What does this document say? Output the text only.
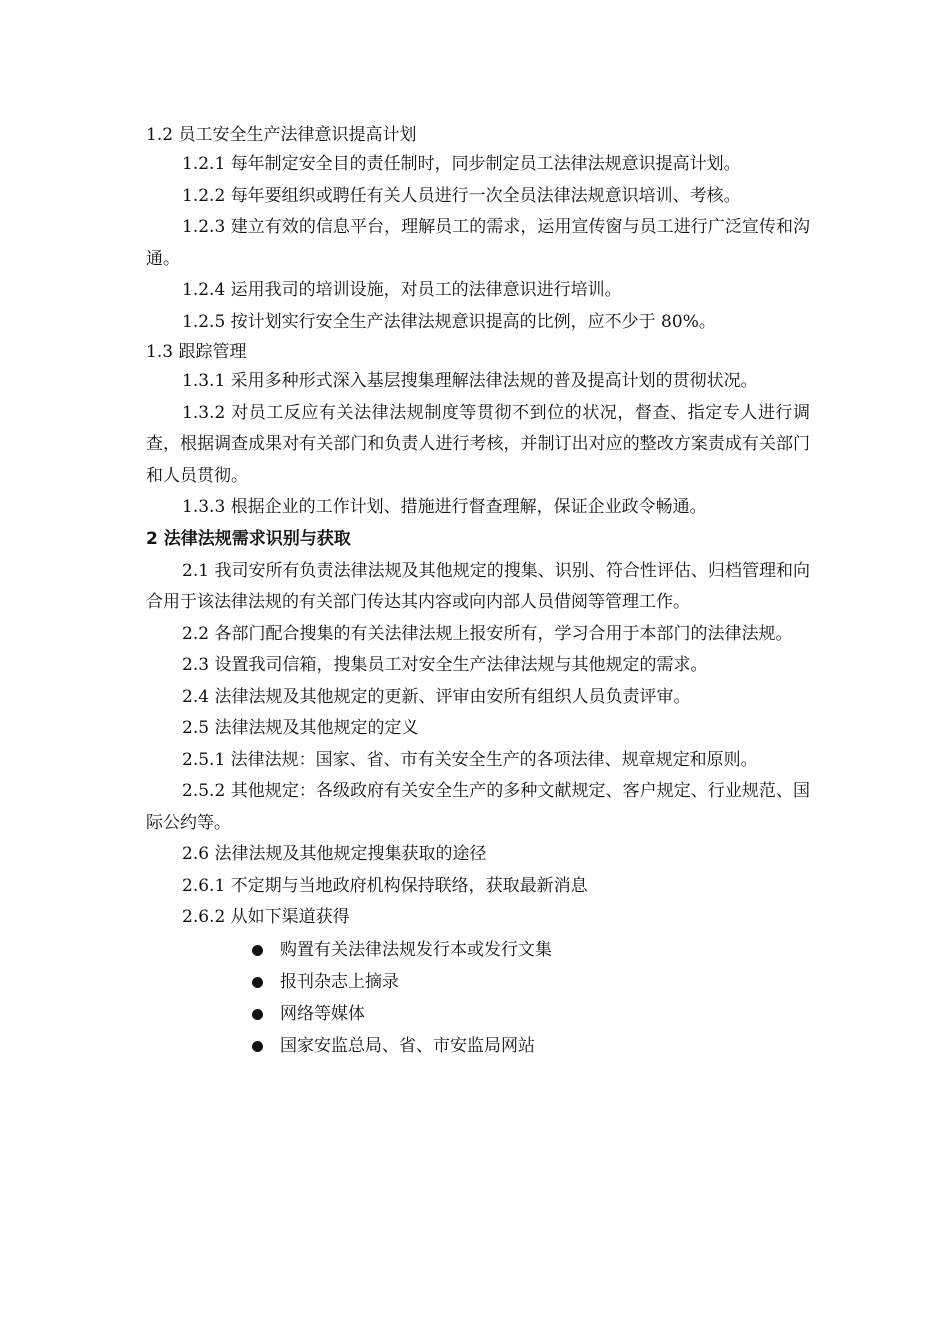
1.2 员工安全生产法律意识提高计划
1.2.1 每年制定安全目的责任制时，同步制定员工法律法规意识提高计划。
1.2.2 每年要组织或聘任有关人员进行一次全员法律法规意识培训、考核。
1.2.3 建立有效的信息平台，理解员工的需求，运用宣传窗与员工进行广泛宣传和沟通。
1.2.4 运用我司的培训设施，对员工的法律意识进行培训。
1.2.5 按计划实行安全生产法律法规意识提高的比例，应不少于 80%。
1.3 跟踪管理
1.3.1 采用多种形式深入基层搜集理解法律法规的普及提高计划的贯彻状况。
1.3.2 对员工反应有关法律法规制度等贯彻不到位的状况，督查、指定专人进行调查，根据调查成果对有关部门和负责人进行考核，并制订出对应的整改方案责成有关部门和人员贯彻。
1.3.3 根据企业的工作计划、措施进行督查理解，保证企业政令畅通。
2 法律法规需求识别与获取
2.1 我司安所有负责法律法规及其他规定的搜集、识别、符合性评估、归档管理和向合用于该法律法规的有关部门传达其内容或向内部人员借阅等管理工作。
2.2 各部门配合搜集的有关法律法规上报安所有，学习合用于本部门的法律法规。
2.3 设置我司信箱，搜集员工对安全生产法律法规与其他规定的需求。
2.4 法律法规及其他规定的更新、评审由安所有组织人员负责评审。
2.5 法律法规及其他规定的定义
2.5.1 法律法规：国家、省、市有关安全生产的各项法律、规章规定和原则。
2.5.2 其他规定：各级政府有关安全生产的多种文献规定、客户规定、行业规范、国际公约等。
2.6 法律法规及其他规定搜集获取的途径
2.6.1 不定期与当地政府机构保持联络，获取最新消息
2.6.2 从如下渠道获得
购置有关法律法规发行本或发行文集
报刊杂志上摘录
网络等媒体
国家安监总局、省、市安监局网站
